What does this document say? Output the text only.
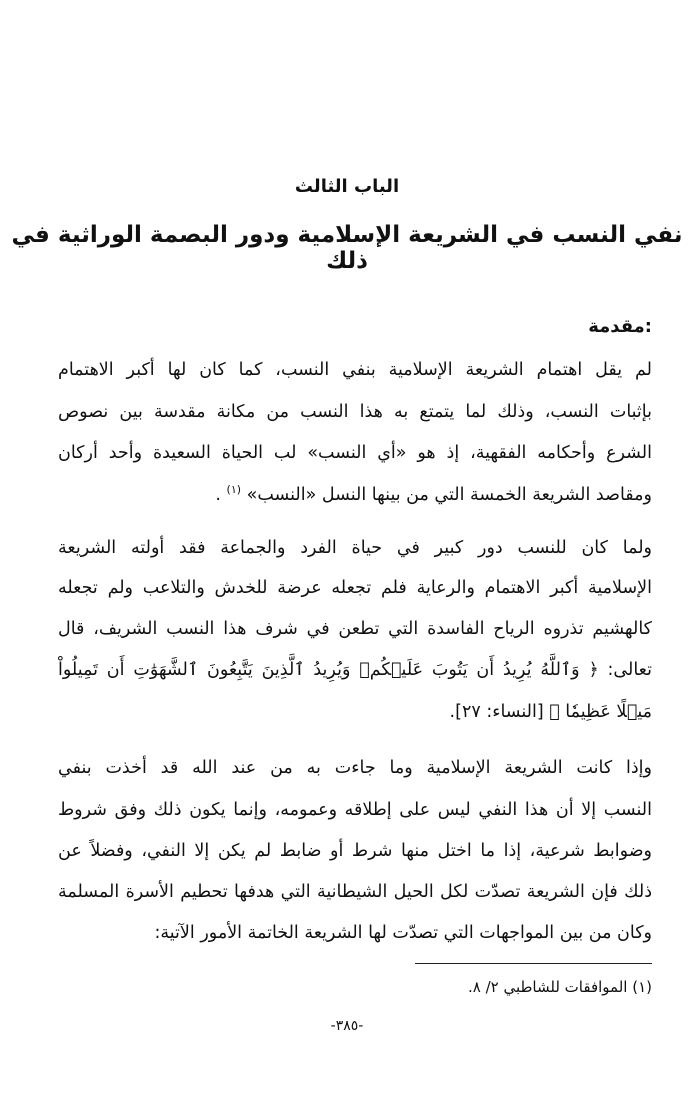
الباب الثالث
نفي النسب في الشريعة الإسلامية ودور البصمة الوراثية في ذلك
مقدمة:
لم يقل اهتمام الشريعة الإسلامية بنفي النسب، كما كان لها أكبر الاهتمام
بإثبات النسب، وذلك لما يتمتع به هذا النسب من مكانة مقدسة بين نصوص
الشرع وأحكامه الفقهية، إذ هو «أي النسب» لب الحياة السعيدة وأحد أركان
ومقاصد الشريعة الخمسة التي من بينها النسل «النسب» $^{(١)}$ .
ولما كان للنسب دور كبير في حياة الفرد والجماعة فقد أولته الشريعة
الإسلامية أكبر الاهتمام والرعاية فلم تجعله عرضة للخدش والتلاعب ولم تجعله
كالهشيم تذروه الرياح الفاسدة التي تطعن في شرف هذا النسب الشريف، قال
تعالى: ﴿ وَٱللَّهُ يُرِيدُ أَن يَتُوبَ عَلَيۡكُمۡ وَيُرِيدُ ٱلَّذِينَ يَتَّبِعُونَ ٱلشَّهَوَٰتِ أَن تَمِيلُواْ
مَيۡلًا عَظِيمٗا ﴾ [النساء: ٢٧].
وإذا كانت الشريعة الإسلامية وما جاءت به من عند الله قد أخذت بنفي
النسب إلا أن هذا النفي ليس على إطلاقه وعمومه، وإنما يكون ذلك وفق شروط
وضوابط شرعية، إذا ما اختل منها شرط أو ضابط لم يكن إلا النفي، وفضلاً عن
ذلك فإن الشريعة تصدّت لكل الحيل الشيطانية التي هدفها تحطيم الأسرة المسلمة
وكان من بين المواجهات التي تصدّت لها الشريعة الخاتمة الأمور الآتية:
(١) الموافقات للشاطبي ٢/ ٨.
-٣٨٥-
